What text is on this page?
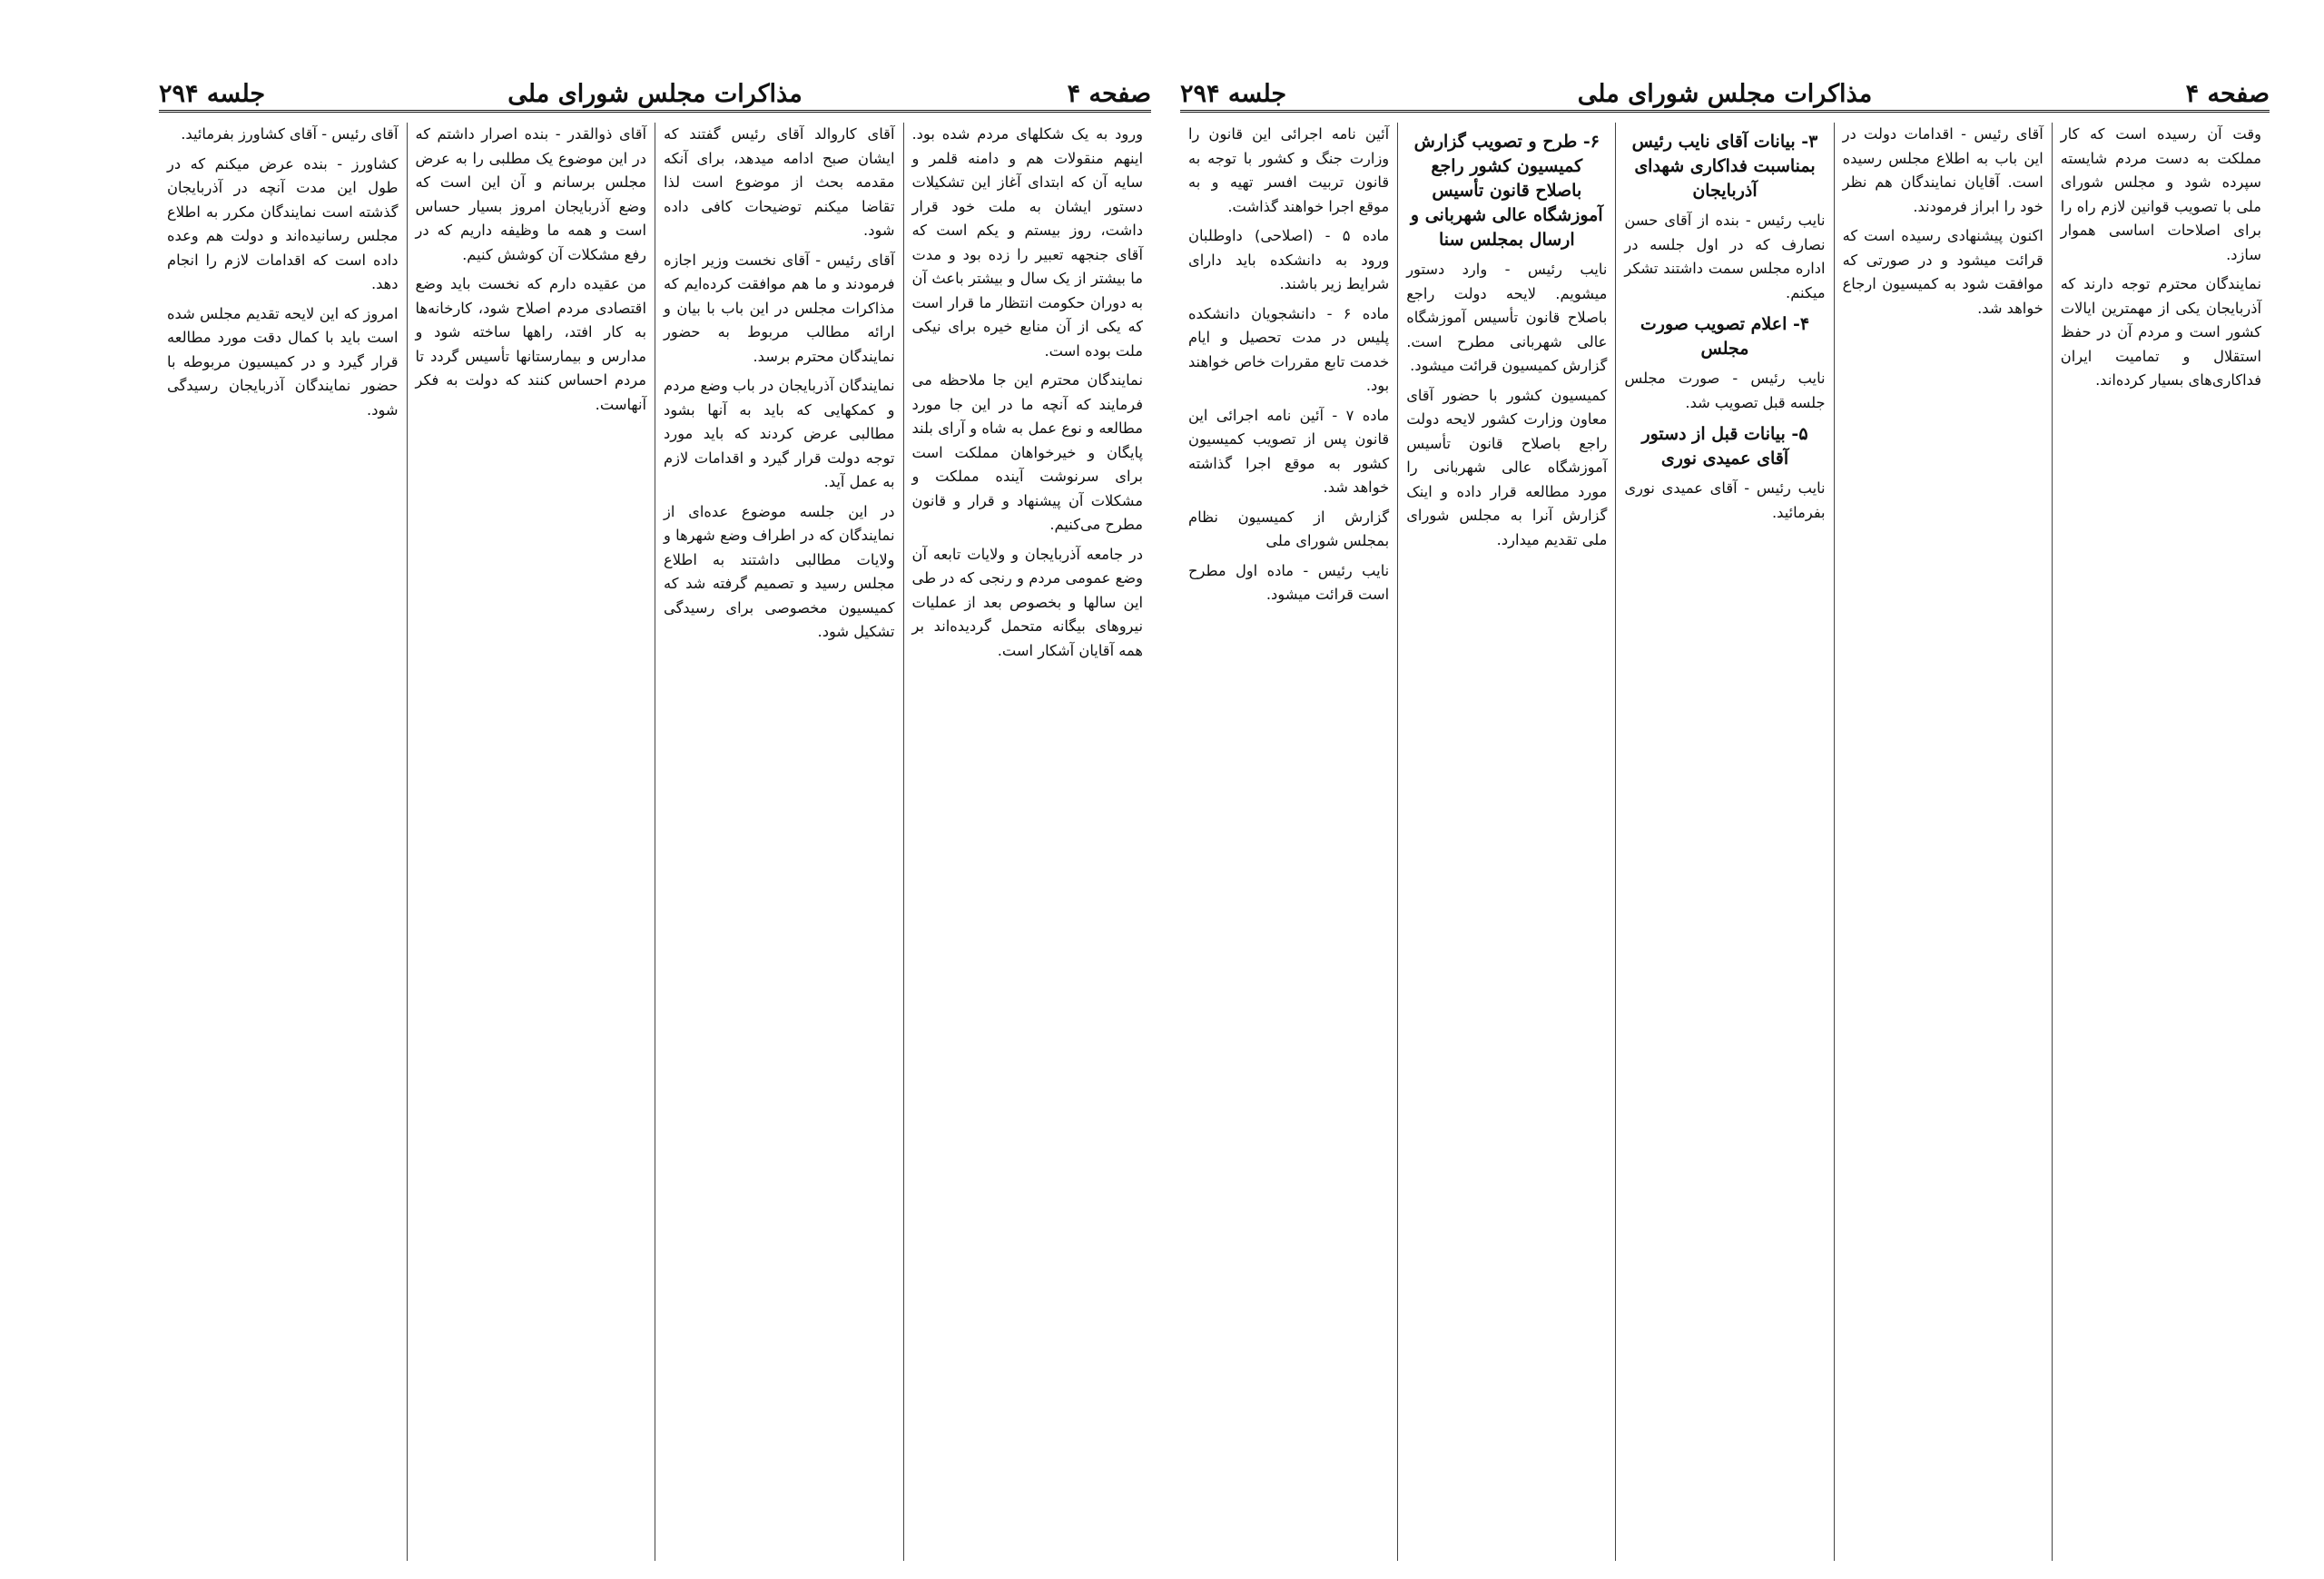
صفحه ۴
مذاکرات مجلس شورای ملی
جلسه ۲۹۴

ورود به یک شکلهای مردم شده بود. اینهم منقولات هم و دامنه قلمر و سایه آن که ابتدای آغاز این تشکیلات دستور ایشان به ملت خود قرار داشت، روز بیستم و یکم است که آقای جنجهه تعبیر را زده بود و مدت ما بیشتر از یک سال و بیشتر باعث آن به دوران حکومت انتظار ما قرار است که یکی از آن منابع خیره برای نیکی ملت بوده است.

نمایندگان محترم این جا ملاحظه می فرمایند که آنچه ما در این جا مورد مطالعه و نوع عمل به شاه و آرای بلند پایگان و خیرخواهان مملکت است برای سرنوشت آینده مملکت و مشکلات آن پیشنهاد و قرار و قانون مطرح می‌کنیم.

در جامعه آذربایجان و ولایات تابعه آن وضع عمومی مردم و رنجی که در طی این سالها و بخصوص بعد از عملیات نیروهای بیگانه متحمل گردیده‌اند بر همه آقایان آشکار است.

آقای کاروالد آقای رئیس گفتند که ایشان صبح ادامه میدهد، برای آنکه مقدمه بحث از موضوع است لذا تقاضا میکنم توضیحات کافی داده شود.

آقای رئیس - آقای نخست وزیر اجازه فرمودند و ما هم موافقت کرده‌ایم که مذاکرات مجلس در این باب با بیان و ارائه مطالب مربوط به حضور نمایندگان محترم برسد.

نمایندگان آذربایجان در باب وضع مردم و کمکهایی که باید به آنها بشود مطالبی عرض کردند که باید مورد توجه دولت قرار گیرد و اقدامات لازم به عمل آید.

در این جلسه موضوع عده‌ای از نمایندگان که در اطراف وضع شهرها و ولایات مطالبی داشتند به اطلاع مجلس رسید و تصمیم گرفته شد که کمیسیون مخصوصی برای رسیدگی تشکیل شود.

آقای ذوالقدر - بنده اصرار داشتم که در این موضوع یک مطلبی را به عرض مجلس برسانم و آن این است که وضع آذربایجان امروز بسیار حساس است و همه ما وظیفه داریم که در رفع مشکلات آن کوشش کنیم.

من عقیده دارم که نخست باید وضع اقتصادی مردم اصلاح شود، کارخانه‌ها به کار افتد، راهها ساخته شود و مدارس و بیمارستانها تأسیس گردد تا مردم احساس کنند که دولت به فکر آنهاست.

آقای رئیس - آقای کشاورز بفرمائید.

کشاورز - بنده عرض میکنم که در طول این مدت آنچه در آذربایجان گذشته است نمایندگان مکرر به اطلاع مجلس رسانیده‌اند و دولت هم وعده داده است که اقدامات لازم را انجام دهد.

امروز که این لایحه تقدیم مجلس شده است باید با کمال دقت مورد مطالعه قرار گیرد و در کمیسیون مربوطه با حضور نمایندگان آذربایجان رسیدگی شود.

صفحه ۴
مذاکرات مجلس شورای ملی
جلسه ۲۹۴

وقت آن رسیده است که کار مملکت به دست مردم شایسته سپرده شود و مجلس شورای ملی با تصویب قوانین لازم راه را برای اصلاحات اساسی هموار سازد.

نمایندگان محترم توجه دارند که آذربایجان یکی از مهمترین ایالات کشور است و مردم آن در حفظ استقلال و تمامیت ایران فداکاری‌های بسیار کرده‌اند.

آقای رئیس - اقدامات دولت در این باب به اطلاع مجلس رسیده است. آقایان نمایندگان هم نظر خود را ابراز فرمودند.

اکنون پیشنهادی رسیده است که قرائت میشود و در صورتی که موافقت شود به کمیسیون ارجاع خواهد شد.

۳- بیانات آقای نایب رئیس بمناسبت فداکاری شهدای آذربایجان

نایب رئیس - بنده از آقای حسن نصارف که در اول جلسه در اداره مجلس سمت داشتند تشکر میکنم.

۴- اعلام تصویب صورت مجلس

نایب رئیس - صورت مجلس جلسه قبل تصویب شد.

۵- بیانات قبل از دستور آقای عمیدی نوری

نایب رئیس - آقای عمیدی نوری بفرمائید.

۶- طرح و تصویب گزارش کمیسیون کشور راجع باصلاح قانون تأسیس آموزشگاه عالی شهربانی و ارسال بمجلس سنا

نایب رئیس - وارد دستور میشویم. لایحه دولت راجع باصلاح قانون تأسیس آموزشگاه عالی شهربانی مطرح است. گزارش کمیسیون قرائت میشود.

کمیسیون کشور با حضور آقای معاون وزارت کشور لایحه دولت راجع باصلاح قانون تأسیس آموزشگاه عالی شهربانی را مورد مطالعه قرار داده و اینک گزارش آنرا به مجلس شورای ملی تقدیم میدارد.

آئین نامه اجرائی این قانون را وزارت جنگ و کشور با توجه به قانون تربیت افسر تهیه و به موقع اجرا خواهند گذاشت.

ماده ۵ - (اصلاحی) داوطلبان ورود به دانشکده باید دارای شرایط زیر باشند.

ماده ۶ - دانشجویان دانشکده پلیس در مدت تحصیل و ایام خدمت تابع مقررات خاص خواهند بود.

ماده ۷ - آئین نامه اجرائی این قانون پس از تصویب کمیسیون کشور به موقع اجرا گذاشته خواهد شد.

گزارش از کمیسیون نظام بمجلس شورای ملی

نایب رئیس - ماده اول مطرح است قرائت میشود.
